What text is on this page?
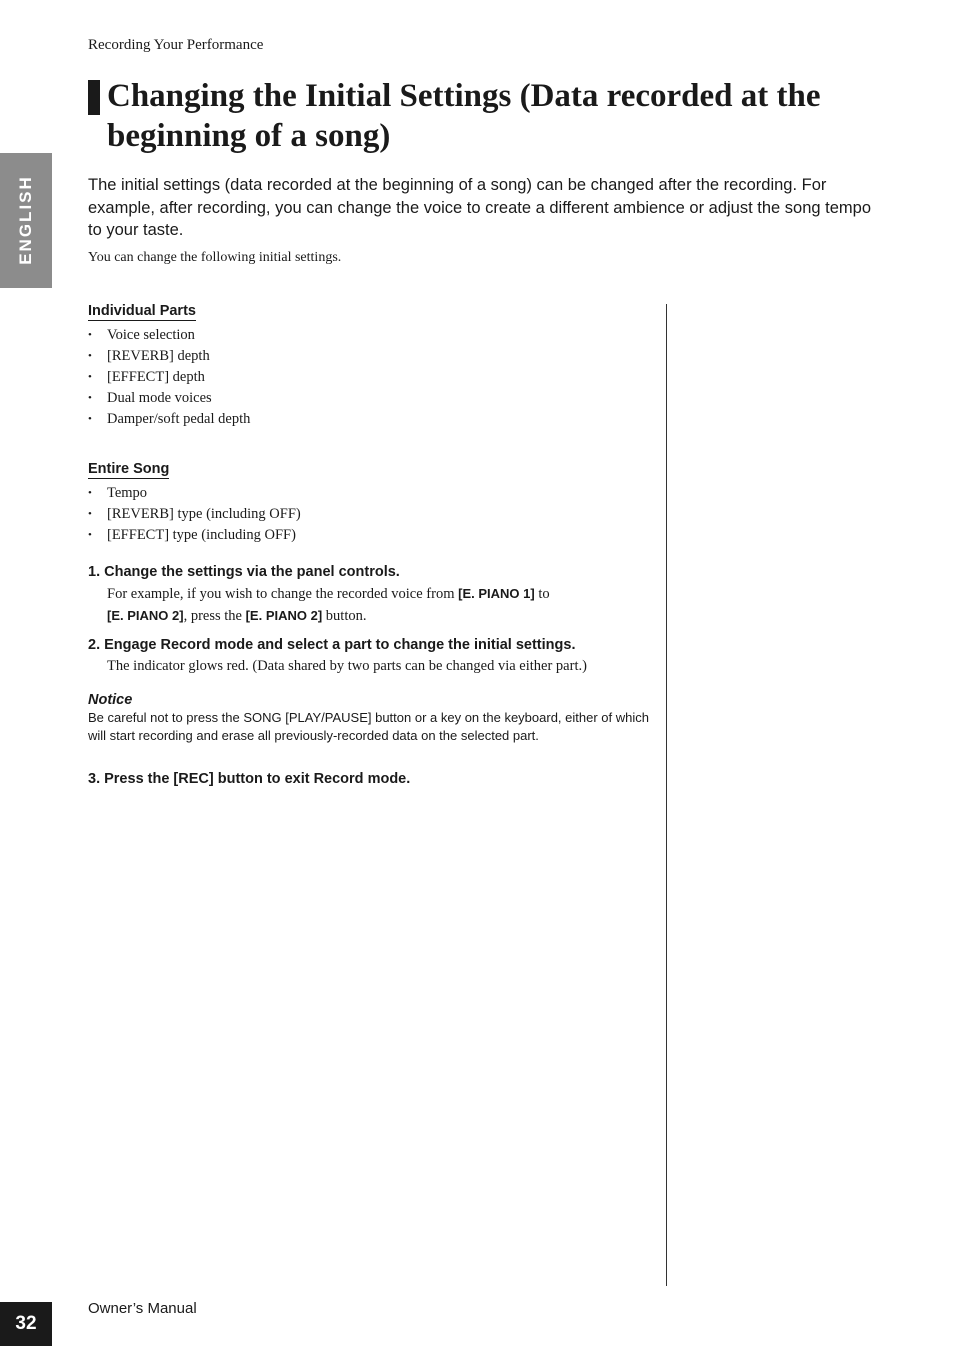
Recording Your Performance
Changing the Initial Settings (Data recorded at the beginning of a song)
ENGLISH	The initial settings (data recorded at the beginning of a song) can be changed after the recording. For example, after recording, you can change the voice to create a different ambience or adjust the song tempo to your taste.

You can change the following initial settings.

Individual Parts
• Voice selection
• [REVERB] depth
• [EFFECT] depth
• Dual mode voices
• Damper/soft pedal depth
Entire Song
• Tempo
• [REVERB] type (including OFF)
• [EFFECT] type (including OFF)

1. Change the settings via the panel controls.

For example, if you wish to change the recorded voice from [E. PIANO 1] to
[E. PIANO 2], press the [E. PIANO 2] button.

2. Engage Record mode and select a part to change the initial settings.

The indicator glows red. (Data shared by two parts can be changed via either part.)

Notice

Be careful not to press the SONG [PLAY/PAUSE] button or a key on the keyboard, either of which will start recording and erase all previously-recorded data on the selected part.

3. Press the [REC] button to exit Record mode.

32
Owner’s Manual
